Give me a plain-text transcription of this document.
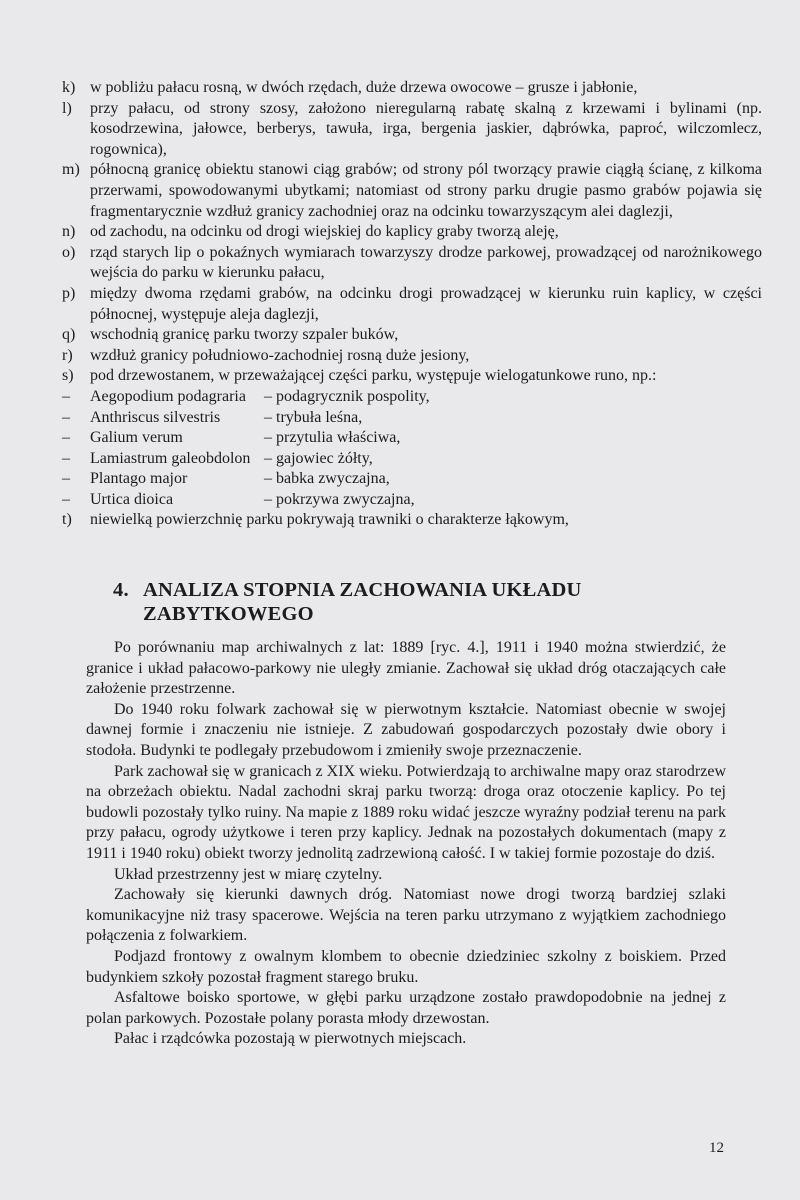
k) w pobliżu pałacu rosną, w dwóch rzędach, duże drzewa owocowe – grusze i jabłonie,
l) przy pałacu, od strony szosy, założono nieregularną rabatę skalną z krzewami i bylinami (np. kosodrzewina, jałowce, berberys, tawuła, irga, bergenia jaskier, dąbrówka, paproć, wilczomlecz, rogownica),
m) północną granicę obiektu stanowi ciąg grabów; od strony pól tworzący prawie ciągłą ścianę, z kilkoma przerwami, spowodowanymi ubytkami; natomiast od strony parku drugie pasmo grabów pojawia się fragmentarycznie wzdłuż granicy zachodniej oraz na odcinku towarzyszącym alei daglezji,
n) od zachodu, na odcinku od drogi wiejskiej do kaplicy graby tworzą aleję,
o) rząd starych lip o pokaźnych wymiarach towarzyszy drodze parkowej, prowadzącej od narożnikowego wejścia do parku w kierunku pałacu,
p) między dwoma rzędami grabów, na odcinku drogi prowadzącej w kierunku ruin kaplicy, w części północnej, występuje aleja daglezji,
q) wschodnią granicę parku tworzy szpaler buków,
r) wzdłuż granicy południowo-zachodniej rosną duże jesiony,
s) pod drzewostanem, w przeważającej części parku, występuje wielogatunkowe runo, np.:
– Aegopodium podagraria	– podagrycznik pospolity,
– Anthriscus silvestris	– trybuła leśna,
– Galium verum	– przytulia właściwa,
– Lamiastrum galeobdolon – gajowiec żółty,
– Plantago major	– babka zwyczajna,
– Urtica dioica	– pokrzywa zwyczajna,
t) niewielką powierzchnię parku pokrywają trawniki o charakterze łąkowym,
4. ANALIZA STOPNIA ZACHOWANIA UKŁADU ZABYTKOWEGO

Po porównaniu map archiwalnych z lat: 1889 [ryc. 4.], 1911 i 1940 można stwierdzić, że granice i układ pałacowo-parkowy nie uległy zmianie. Zachował się układ dróg otaczających całe założenie przestrzenne.

Do 1940 roku folwark zachował się w pierwotnym kształcie. Natomiast obecnie w swojej dawnej formie i znaczeniu nie istnieje. Z zabudowań gospodarczych pozostały dwie obory i stodoła. Budynki te podlegały przebudowom i zmieniły swoje przeznaczenie.

Park zachował się w granicach z XIX wieku. Potwierdzają to archiwalne mapy oraz starodrzew na obrzeżach obiektu. Nadal zachodni skraj parku tworzą: droga oraz otoczenie kaplicy. Po tej budowli pozostały tylko ruiny. Na mapie z 1889 roku widać jeszcze wyraźny podział terenu na park przy pałacu, ogrody użytkowe i teren przy kaplicy. Jednak na pozostałych dokumentach (mapy z 1911 i 1940 roku) obiekt tworzy jednolitą zadrzewioną całość. I w takiej formie pozostaje do dziś.

Układ przestrzenny jest w miarę czytelny.

Zachowały się kierunki dawnych dróg. Natomiast nowe drogi tworzą bardziej szlaki komunikacyjne niż trasy spacerowe. Wejścia na teren parku utrzymano z wyjątkiem zachodniego połączenia z folwarkiem.

Podjazd frontowy z owalnym klombem to obecnie dziedziniec szkolny z boiskiem. Przed budynkiem szkoły pozostał fragment starego bruku.

Asfaltowe boisko sportowe, w głębi parku urządzone zostało prawdopodobnie na jednej z polan parkowych. Pozostałe polany porasta młody drzewostan.

Pałac i rządcówka pozostają w pierwotnych miejscach.

12
